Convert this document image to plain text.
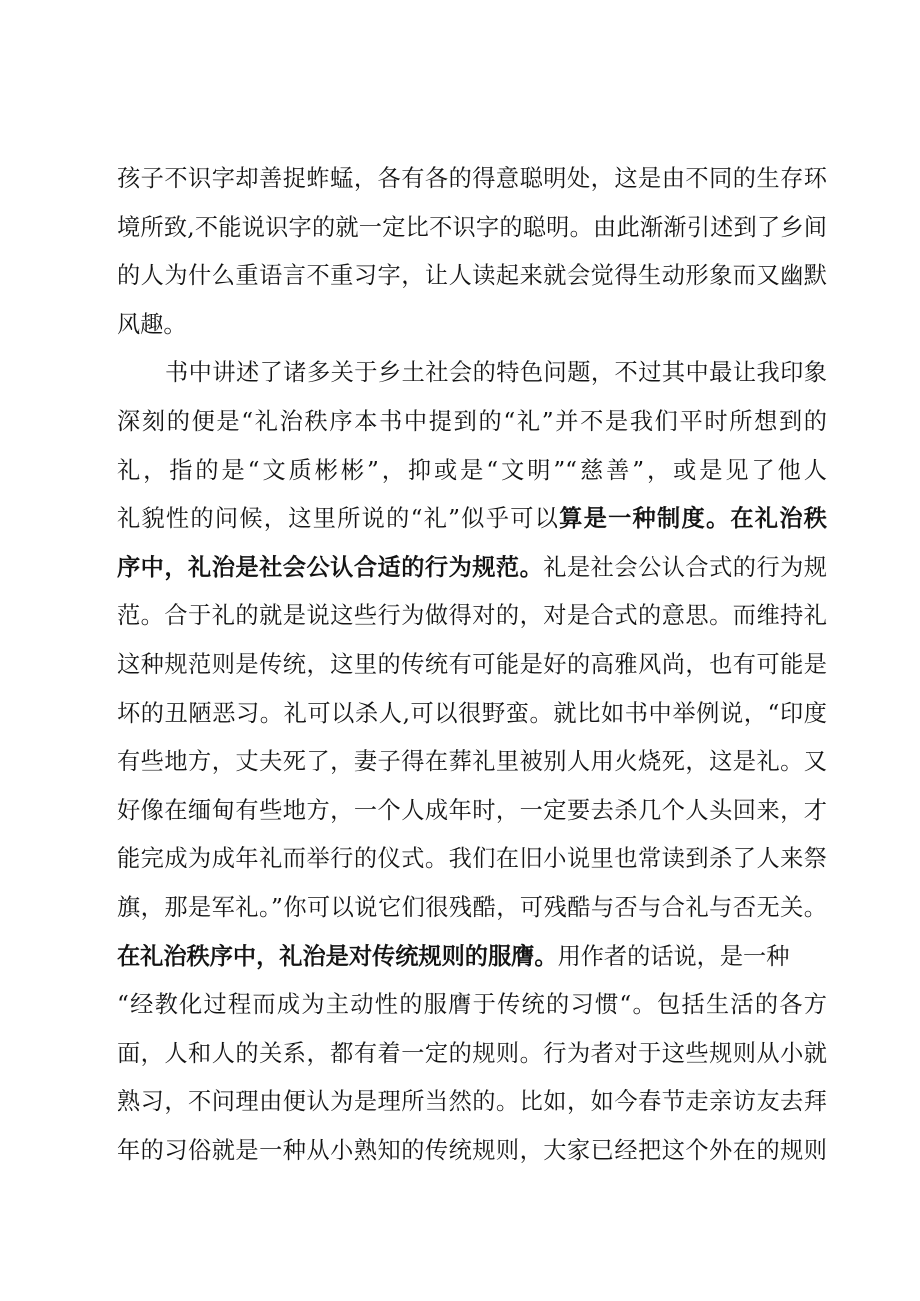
孩子不识字却善捉蚱蜢，各有各的得意聪明处，这是由不同的生存环
境所致,不能说识字的就一定比不识字的聪明。由此渐渐引述到了乡间
的人为什么重语言不重习字，让人读起来就会觉得生动形象而又幽默
风趣。
书中讲述了诸多关于乡土社会的特色问题，不过其中最让我印象
深刻的便是“礼治秩序本书中提到的“礼”并不是我们平时所想到的
礼，指的是“文质彬彬”，抑或是“文明”“慈善”，或是见了他人
礼貌性的问候，这里所说的“礼”似乎可以算是一种制度。在礼治秩
序中，礼治是社会公认合适的行为规范。礼是社会公认合式的行为规
范。合于礼的就是说这些行为做得对的，对是合式的意思。而维持礼
这种规范则是传统，这里的传统有可能是好的高雅风尚，也有可能是
坏的丑陋恶习。礼可以杀人,可以很野蛮。就比如书中举例说，“印度
有些地方，丈夫死了，妻子得在葬礼里被别人用火烧死，这是礼。又
好像在缅甸有些地方，一个人成年时，一定要去杀几个人头回来，才
能完成为成年礼而举行的仪式。我们在旧小说里也常读到杀了人来祭
旗，那是军礼。”你可以说它们很残酷，可残酷与否与合礼与否无关。
在礼治秩序中，礼治是对传统规则的服膺。用作者的话说，是一种
“经教化过程而成为主动性的服膺于传统的习惯“。包括生活的各方
面，人和人的关系，都有着一定的规则。行为者对于这些规则从小就
熟习，不问理由便认为是理所当然的。比如，如今春节走亲访友去拜
年的习俗就是一种从小熟知的传统规则，大家已经把这个外在的规则
